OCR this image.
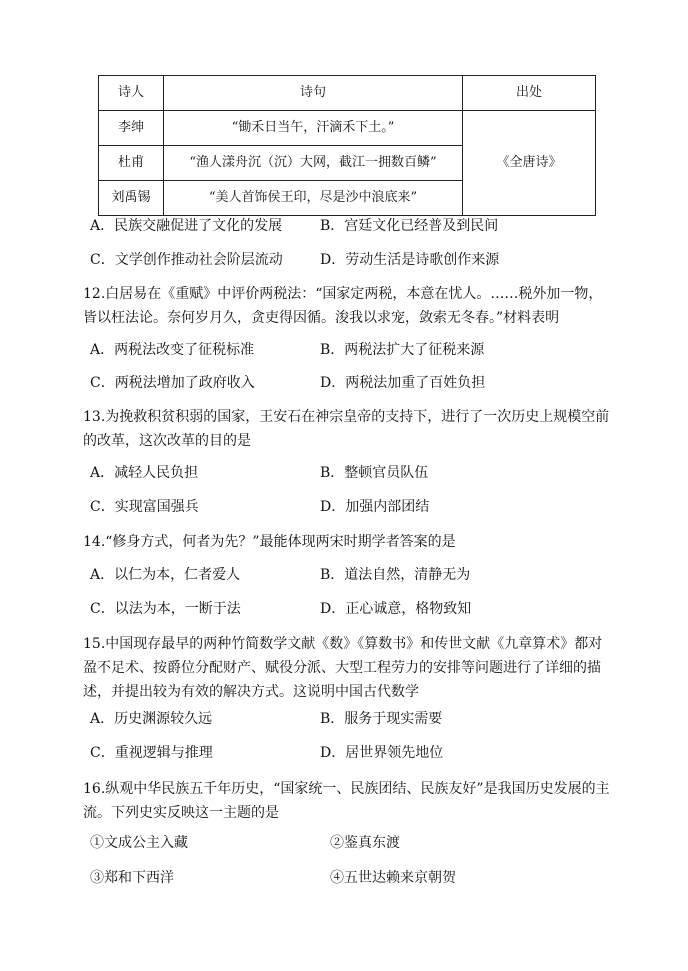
诗人	诗句	出处
李绅	“锄禾日当午，汗滴禾下土。”	《全唐诗》
杜甫	“渔人漾舟沉（沉）大网，截江一拥数百鳞”	
刘禹锡	“美人首饰侯王印，尽是沙中浪底来”	
A．民族交融促进了文化的发展	B．宫廷文化已经普及到民间
C．文学创作推动社会阶层流动	D．劳动生活是诗歌创作来源
12.白居易在《重赋》中评价两税法：“国家定两税，本意在忧人。……税外加一物，皆以枉法论。奈何岁月久，贪吏得因循。浚我以求宠，敛索无冬春。”材料表明
A．两税法改变了征税标准	B．两税法扩大了征税来源
C．两税法增加了政府收入	D．两税法加重了百姓负担
13.为挽救积贫积弱的国家，王安石在神宗皇帝的支持下，进行了一次历史上规模空前的改革，这次改革的目的是
A．减轻人民负担	B．整顿官员队伍
C．实现富国强兵	D．加强内部团结
14.“修身方式，何者为先？”最能体现两宋时期学者答案的是
A．以仁为本，仁者爱人	B．道法自然，清静无为
C．以法为本，一断于法	D．正心诚意，格物致知
15.中国现存最早的两种竹简数学文献《数》《算数书》和传世文献《九章算术》都对盈不足术、按爵位分配财产、赋役分派、大型工程劳力的安排等问题进行了详细的描述，并提出较为有效的解决方式。这说明中国古代数学
A．历史渊源较久远	B．服务于现实需要
C．重视逻辑与推理	D．居世界领先地位
16.纵观中华民族五千年历史，“国家统一、民族团结、民族友好”是我国历史发展的主流。下列史实反映这一主题的是
①文成公主入藏	②鉴真东渡
③郑和下西洋	④五世达赖来京朝贺
